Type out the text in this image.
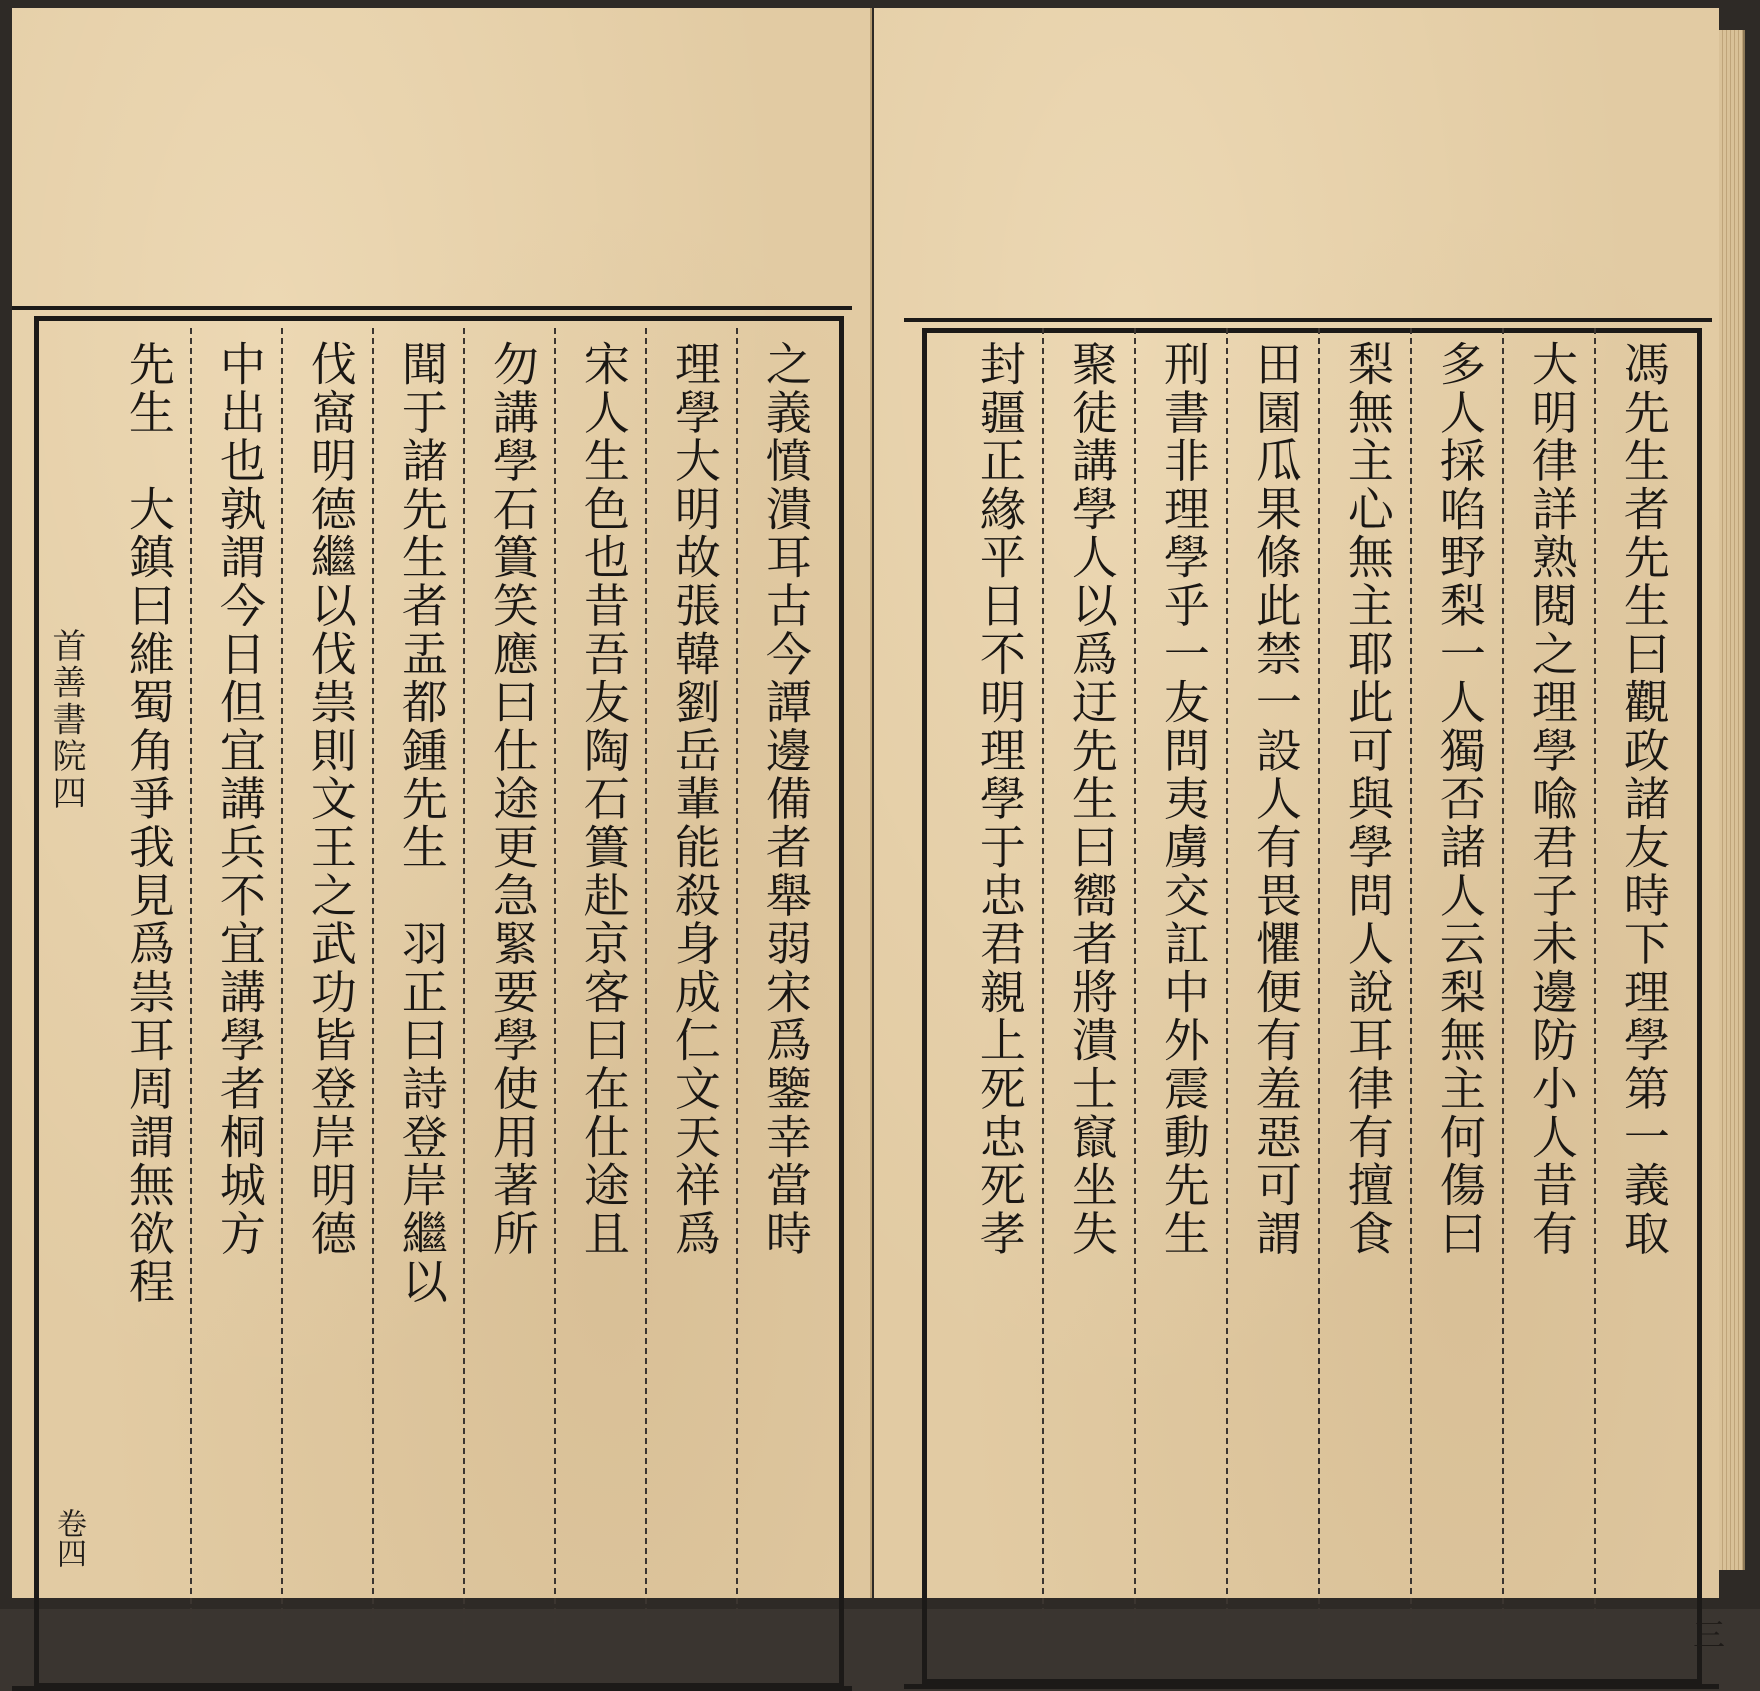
之義憤潰耳古今譚邊備者舉弱宋爲鑒幸當時
理學大明故張韓劉岳輩能殺身成仁文天祥爲
宋人生色也昔吾友陶石簣赴京客曰在仕途且
勿講學石簣笑應曰仕途更急緊要學使用著所
聞于諸先生者盂都鍾先生　羽正曰詩登岸繼以
伐窩明德繼以伐祟則文王之武功皆登岸明德
中出也孰謂今日但宜講兵不宜講學者桐城方
先生　大鎮曰維蜀角爭我見爲祟耳周謂無欲程
首善書院四
卷四
馮先生者先生曰觀政諸友時下理學第一義取
大明律詳熟閱之理學喩君子未邊防小人昔有
多人採啗野梨一人獨否諸人云梨無主何傷曰
梨無主心無主耶此可與學問人說耳律有擅食
田園瓜果條此禁一設人有畏懼便有羞惡可謂
刑書非理學乎一友問夷虜交訌中外震動先生
聚徒講學人以爲迂先生曰嚮者將潰士竄坐失
封疆正緣平日不明理學于忠君親上死忠死孝
三
